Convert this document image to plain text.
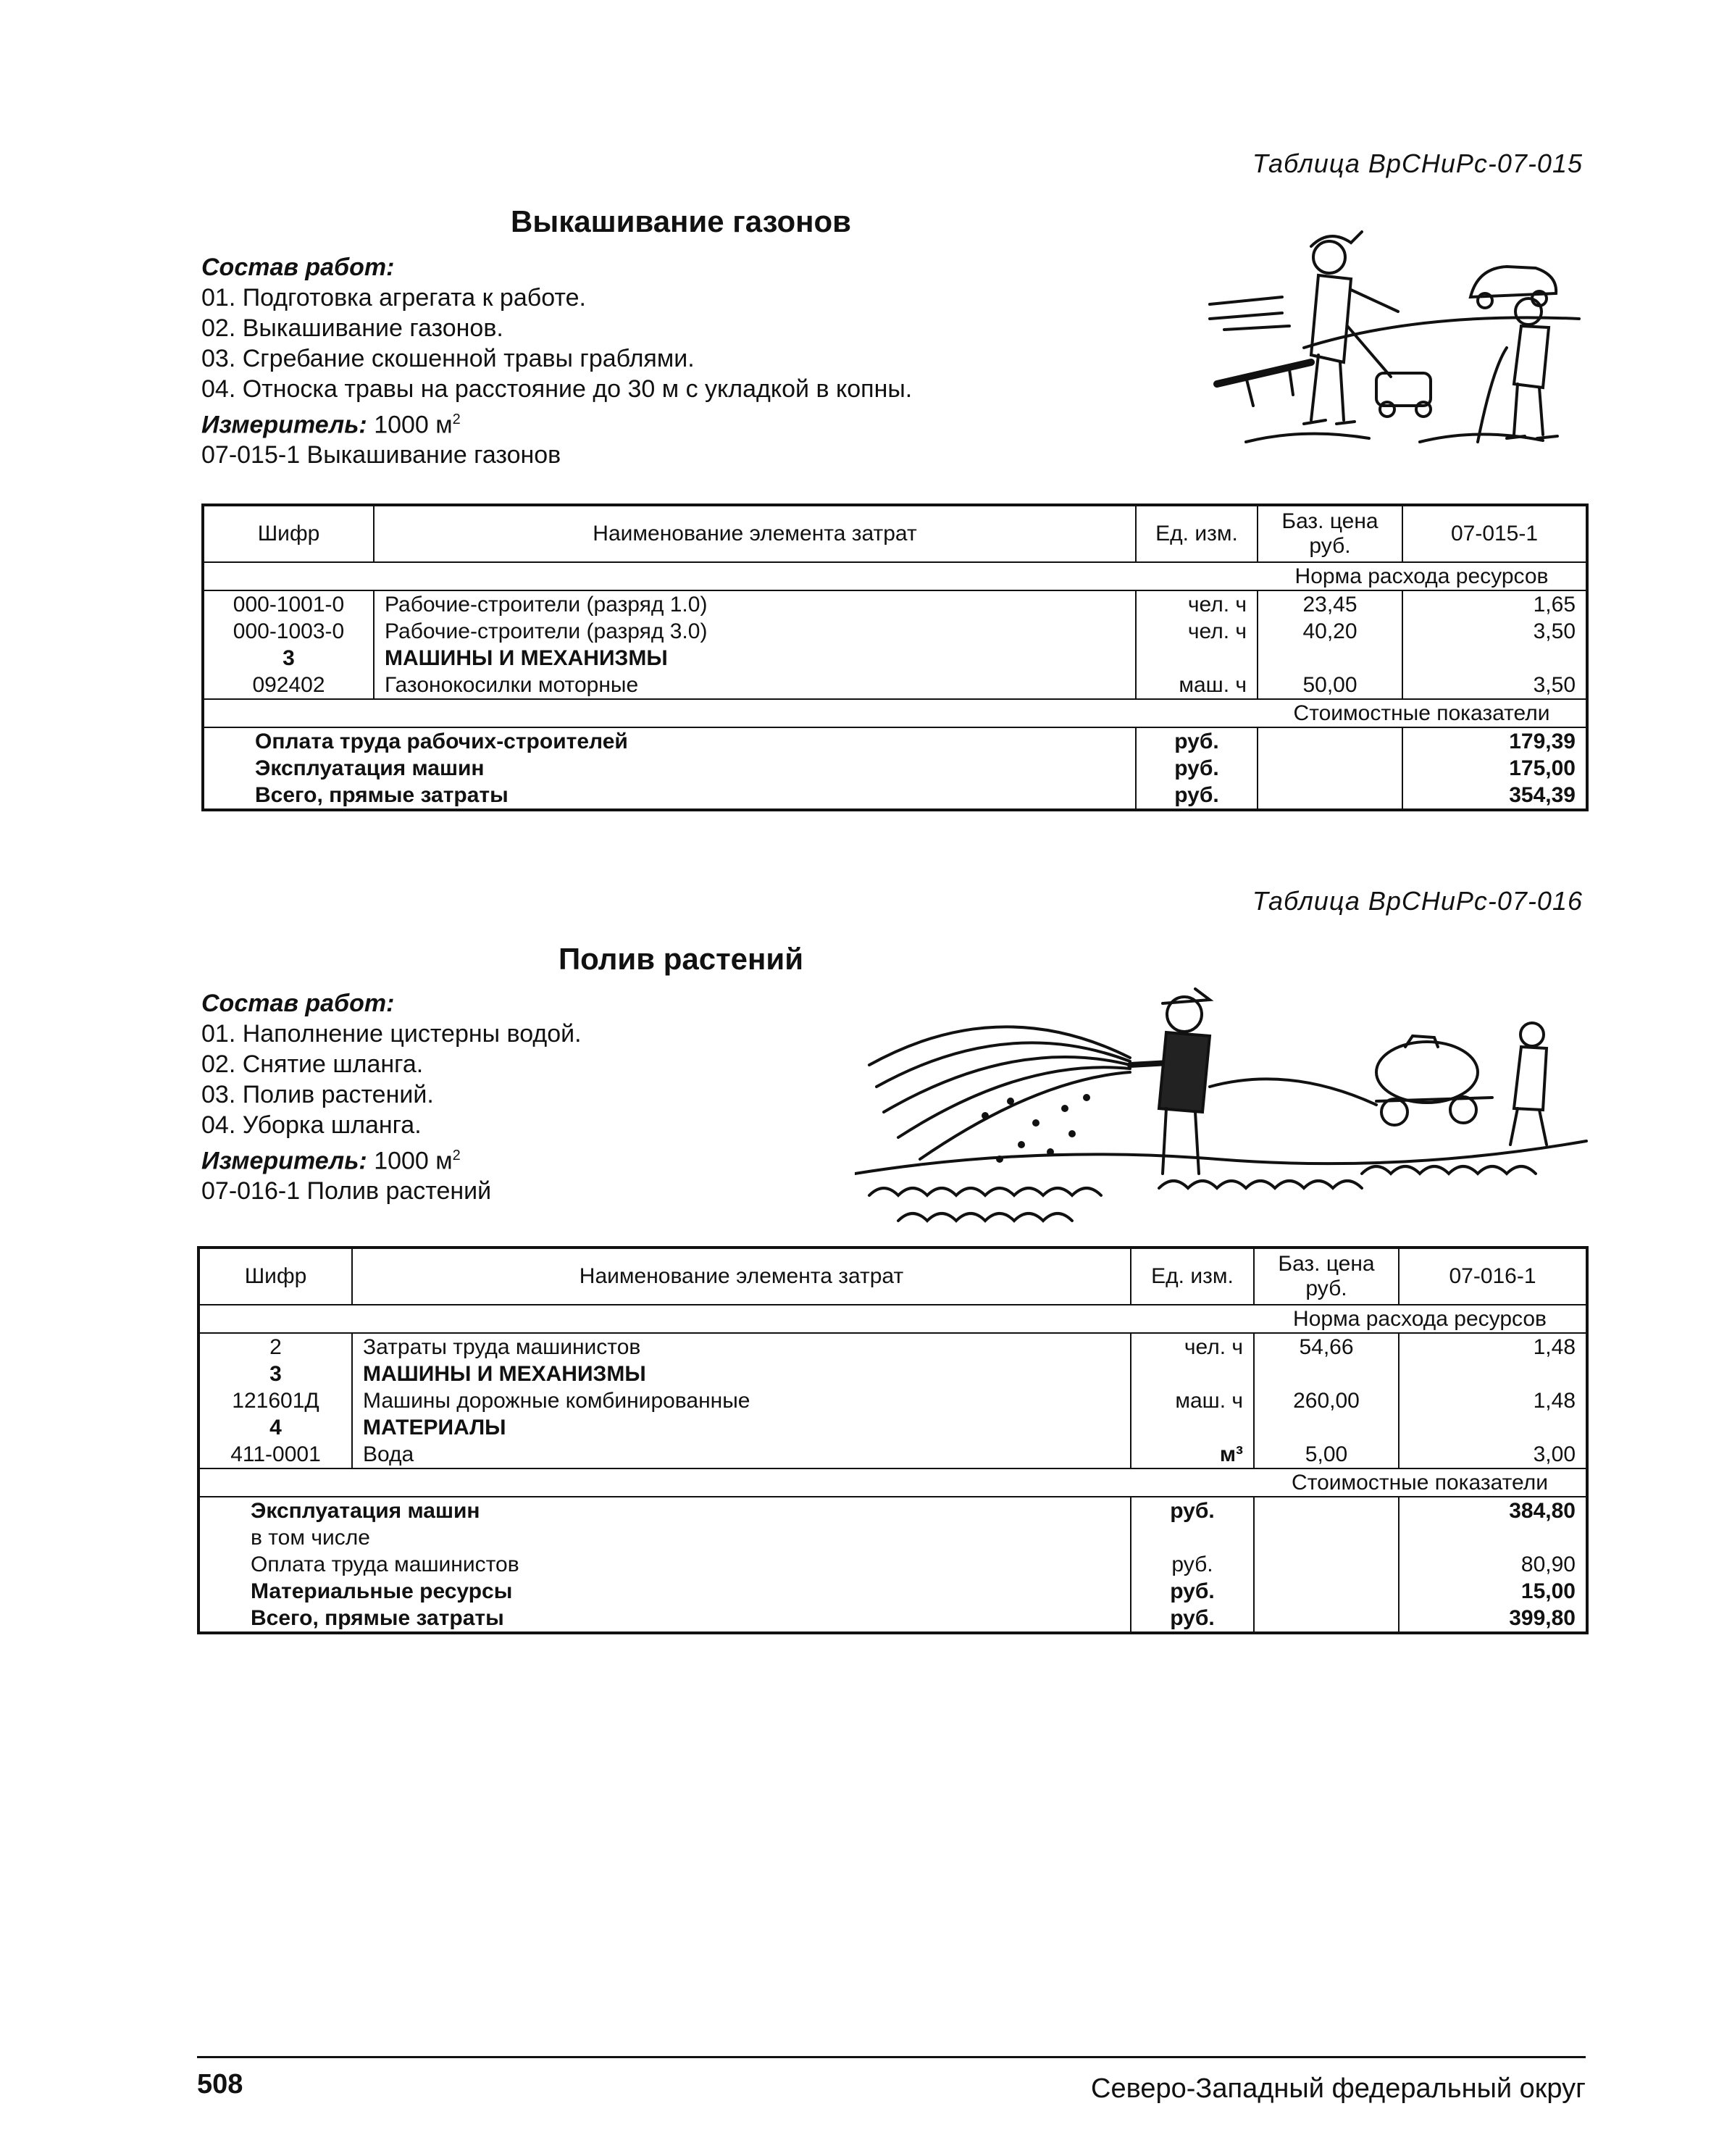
Таблица ВрСНиРс-07-015
Выкашивание газонов
Состав работ:
01. Подготовка агрегата к работе.
02. Выкашивание газонов.
03. Сгребание скошенной травы граблями.
04. Относка травы на расстояние до 30 м с укладкой в копны.
Измеритель: 1000 $м^2$
07-015-1 Выкашивание газонов
Шифр	Наименование элемента затрат	Ед. изм.	Баз. цена руб.	07-015-1
			Норма расхода ресурсов	
000-1001-0	Рабочие-строители (разряд 1.0)	чел. ч	23,45	1,65
000-1003-0	Рабочие-строители (разряд 3.0)	чел. ч	40,20	3,50
3	МАШИНЫ И МЕХАНИЗМЫ			
092402	Газонокосилки моторные	маш. ч	50,00	3,50
			Стоимостные показатели	
Оплата труда рабочих-строителей		руб.		179,39
Эксплуатация машин		руб.		175,00
Всего, прямые затраты		руб.		354,39
Таблица ВрСНиРс-07-016
Полив растений
Состав работ:
01. Наполнение цистерны водой.
02. Снятие шланга.
03. Полив растений.
04. Уборка шланга.
Измеритель: 1000 $м^2$
07-016-1 Полив растений
Шифр	Наименование элемента затрат	Ед. изм.	Баз. цена руб.	07-016-1
			Норма расхода ресурсов	
2	Затраты труда машинистов	чел. ч	54,66	1,48
3	МАШИНЫ И МЕХАНИЗМЫ			
121601Д	Машины дорожные комбинированные	маш. ч	260,00	1,48
4	МАТЕРИАЛЫ			
411-0001	Вода	м³	5,00	3,00
			Стоимостные показатели	
Эксплуатация машин		руб.		384,80
в том числе				
Оплата труда машинистов		руб.		80,90
Материальные ресурсы		руб.		15,00
Всего, прямые затраты		руб.		399,80
508	Северо-Западный федеральный округ
